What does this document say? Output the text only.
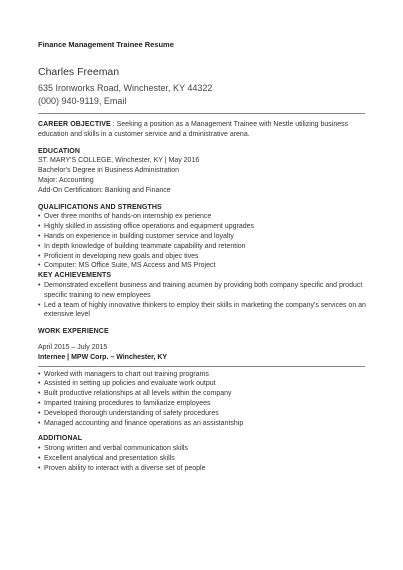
Finance Management Trainee Resume
Charles Freeman
635 Ironworks Road, Winchester, KY 44322
(000) 940-9119, Email
CAREER OBJECTIVE : Seeking a position as a Management Trainee with Nestle utilizing business education and skills in a customer service and a dministrative arena.
EDUCATION
ST. MARY'S COLLEGE, Winchester, KY | May 2016
Bachelor's Degree in Business Administration
Major: Accounting
Add-On Certification: Banking and Finance
QUALIFICATIONS AND STRENGTHS
• Over three months of hands-on internship ex perience
• Highly skilled in assisting office operations and equipment upgrades
• Hands on experience in building customer service and loyalty
• In depth knowledge of building teammate capability and retention
• Proficient in developing new goals and objec tives
• Computer: MS Office Suite, MS Access and MS Project
KEY ACHIEVEMENTS
• Demonstrated excellent business and training acumen by providing both company specific and product specific training to new employees
• Led a team of highly innovative thinkers to employ their skills in marketing the company's services on an extensive level
WORK EXPERIENCE
April 2015 – July 2015
Internee | MPW Corp. – Winchester, KY
• Worked with managers to chart out training programs
• Assisted in setting up policies and evaluate work output
• Built productive relationships at all levels within the company
• Imparted training procedures to familiarize employees
• Developed thorough understanding of safety procedures
• Managed accounting and finance operations as an assistantship
ADDITIONAL
• Strong written and verbal communication skills
• Excellent analytical and presentation skills
• Proven ability to interact with a diverse set of people
